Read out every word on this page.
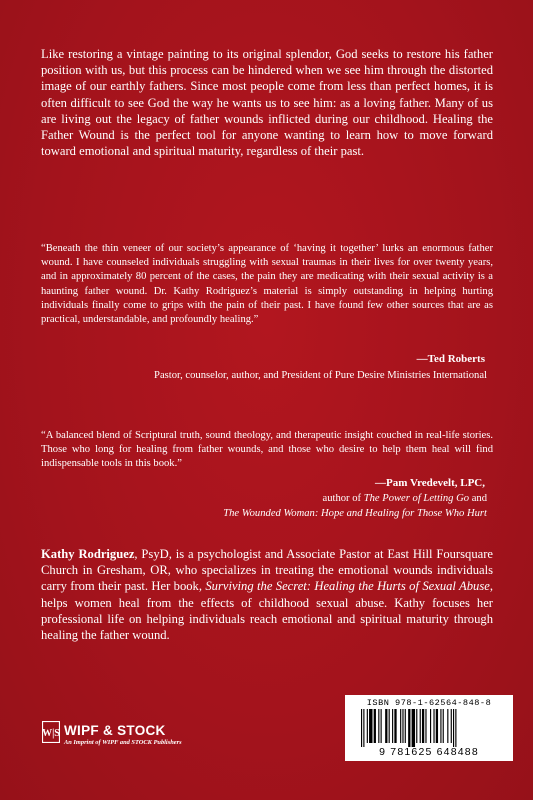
Like restoring a vintage painting to its original splendor, God seeks to restore his father position with us, but this process can be hindered when we see him through the distorted image of our earthly fathers. Since most people come from less than perfect homes, it is often difficult to see God the way he wants us to see him: as a loving father. Many of us are living out the legacy of father wounds inflicted during our childhood. Healing the Father Wound is the perfect tool for anyone wanting to learn how to move forward toward emotional and spiritual maturity, regardless of their past.

“Beneath the thin veneer of our society’s appearance of ‘having it together’ lurks an enormous father wound. I have counseled individuals struggling with sexual traumas in their lives for over twenty years, and in approximately 80 percent of the cases, the pain they are medicating with their sexual activity is a haunting father wound. Dr. Kathy Rodriguez’s material is simply outstanding in helping hurting individuals finally come to grips with the pain of their past. I have found few other sources that are as practical, understandable, and profoundly healing.”

—Ted Roberts
Pastor, counselor, author, and President of Pure Desire Ministries International

“A balanced blend of Scriptural truth, sound theology, and therapeutic insight couched in real-life stories. Those who long for healing from father wounds, and those who desire to help them heal will find indispensable tools in this book.”

—Pam Vredevelt, LPC,
author of The Power of Letting Go and
The Wounded Woman: Hope and Healing for Those Who Hurt

Kathy Rodriguez, PsyD, is a psychologist and Associate Pastor at East Hill Foursquare Church in Gresham, OR, who specializes in treating the emotional wounds individuals carry from their past. Her book, Surviving the Secret: Healing the Hurts of Sexual Abuse, helps women heal from the effects of childhood sexual abuse. Kathy focuses her professional life on helping individuals reach emotional and spiritual maturity through healing the father wound.

W|S WIPF & STOCK
An Imprint of WIPF and STOCK Publishers
ISBN 978-1-62564-848-8
9 781625 648488
